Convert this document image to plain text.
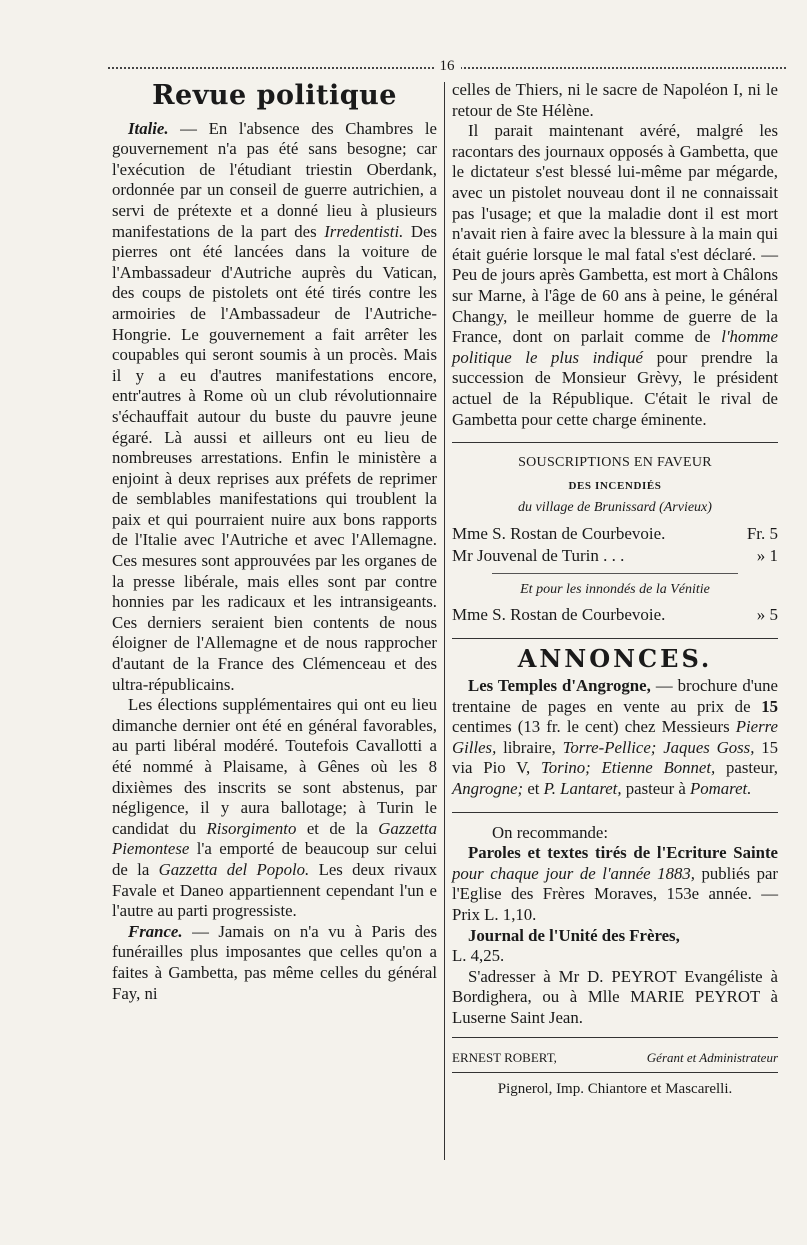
16
Revue politique

Italie. — En l'absence des Chambres le gouvernement n'a pas été sans besogne; car l'exécution de l'étudiant triestin Oberdank, ordonnée par un conseil de guerre autrichien, a servi de prétexte et a donné lieu à plusieurs manifestations de la part des Irredentisti. Des pierres ont été lancées dans la voiture de l'Ambassadeur d'Autriche auprès du Vatican, des coups de pistolets ont été tirés contre les armoiries de l'Ambassadeur de l'Autriche-Hongrie. Le gouvernement a fait arrêter les coupables qui seront soumis à un procès. Mais il y a eu d'autres manifestations encore, entr'autres à Rome où un club révolutionnaire s'échauffait autour du buste du pauvre jeune égaré. Là aussi et ailleurs ont eu lieu de nombreuses arrestations. Enfin le ministère a enjoint à deux reprises aux préfets de reprimer de semblables manifestations qui troublent la paix et qui pourraient nuire aux bons rapports de l'Italie avec l'Autriche et avec l'Allemagne. Ces mesures sont approuvées par les organes de la presse libérale, mais elles sont par contre honnies par les radicaux et les intransigeants. Ces derniers seraient bien contents de nous éloigner de l'Allemagne et de nous rapprocher d'autant de la France des Clémenceau et des ultra-républicains.

Les élections supplémentaires qui ont eu lieu dimanche dernier ont été en général favorables, au parti libéral modéré. Toutefois Cavallotti a été nommé à Plaisame, à Gênes où les 8 dixièmes des inscrits se sont abstenus, par négligence, il y aura ballotage; à Turin le candidat du Risorgimento et de la Gazzetta Piemontese l'a emporté de beaucoup sur celui de la Gazzetta del Popolo. Les deux rivaux Favale et Daneo appartiennent cependant l'un e l'autre au parti progressiste.

France. — Jamais on n'a vu à Paris des funérailles plus imposantes que celles qu'on a faites à Gambetta, pas même celles du général Fay, ni

celles de Thiers, ni le sacre de Napoléon I, ni le retour de Ste Hélène.

Il parait maintenant avéré, malgré les racontars des journaux opposés à Gambetta, que le dictateur s'est blessé lui-même par mégarde, avec un pistolet nouveau dont il ne connaissait pas l'usage; et que la maladie dont il est mort n'avait rien à faire avec la blessure à la main qui était guérie lorsque le mal fatal s'est déclaré. — Peu de jours après Gambetta, est mort à Châlons sur Marne, à l'âge de 60 ans à peine, le général Changy, le meilleur homme de guerre de la France, dont on parlait comme de l'homme politique le plus indiqué pour prendre la succession de Monsieur Grèvy, le président actuel de la République. C'était le rival de Gambetta pour cette charge éminente.

SOUSCRIPTIONS EN FAVEUR
DES INCENDIÉS
du village de Brunissard (Arvieux)
Mme S. Rostan de Courbevoie.	Fr. 5
Mr Jouvenal de Turin . . .	» 1
Et pour les innondés de la Vénitie
Mme S. Rostan de Courbevoie.	» 5
ANNONCES.

Les Temples d'Angrogne, — brochure d'une trentaine de pages en vente au prix de 15 centimes (13 fr. le cent) chez Messieurs Pierre Gilles, libraire, Torre-Pellice; Jaques Goss, 15 via Pio V, Torino; Etienne Bonnet, pasteur, Angrogne; et P. Lantaret, pasteur à Pomaret.

On recommande:

Paroles et textes tirés de l'Ecriture Sainte pour chaque jour de l'année 1883, publiés par l'Eglise des Frères Moraves, 153e année. — Prix L. 1,10.

Journal de l'Unité des Frères,

L. 4,25.

S'adresser à Mr D. PEYROT Evangéliste à Bordighera, ou à Mlle MARIE PEYROT à Luserne Saint Jean.

ERNEST ROBERT,	Gérant et Administrateur
Pignerol, Imp. Chiantore et Mascarelli.
